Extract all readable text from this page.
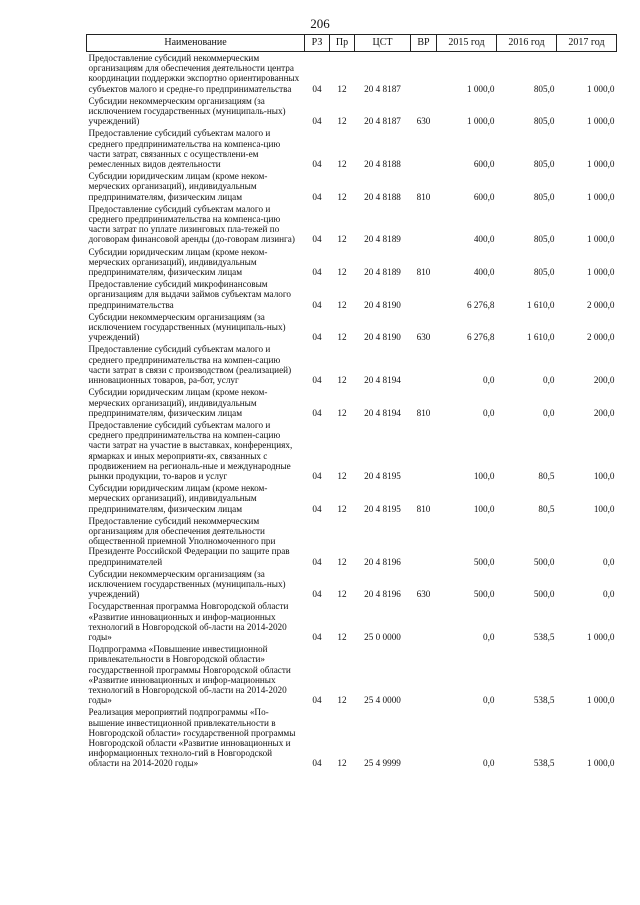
206
Наименование	РЗ	Пр	ЦСТ	ВР	2015 год	2016 год	2017 год
Предоставление субсидий некоммерческим организациям для обеспечения деятельности центра координации поддержки экспортно ориентированных субъектов малого и средне-го предпринимательства	04	12	20 4 8187		1 000,0	805,0	1 000,0
Субсидии некоммерческим организациям (за исключением государственных (муниципаль-ных) учреждений)	04	12	20 4 8187	630	1 000,0	805,0	1 000,0
Предоставление субсидий субъектам малого и среднего предпринимательства на компенса-цию части затрат, связанных с осуществлени-ем ремесленных видов деятельности	04	12	20 4 8188		600,0	805,0	1 000,0
Субсидии юридическим лицам (кроме неком-мерческих организаций), индивидуальным предпринимателям, физическим лицам	04	12	20 4 8188	810	600,0	805,0	1 000,0
Предоставление субсидий субъектам малого и среднего предпринимательства на компенса-цию части затрат по уплате лизинговых пла-тежей по договорам финансовой аренды (до-говорам лизинга)	04	12	20 4 8189		400,0	805,0	1 000,0
Субсидии юридическим лицам (кроме неком-мерческих организаций), индивидуальным предпринимателям, физическим лицам	04	12	20 4 8189	810	400,0	805,0	1 000,0
Предоставление субсидий микрофинансовым организациям для выдачи займов субъектам малого предпринимательства	04	12	20 4 8190		6 276,8	1 610,0	2 000,0
Субсидии некоммерческим организациям (за исключением государственных (муниципаль-ных) учреждений)	04	12	20 4 8190	630	6 276,8	1 610,0	2 000,0
Предоставление субсидий субъектам малого и среднего предпринимательства на компен-сацию части затрат в связи с производством (реализацией) инновационных товаров, ра-бот, услуг	04	12	20 4 8194		0,0	0,0	200,0
Субсидии юридическим лицам (кроме неком-мерческих организаций), индивидуальным предпринимателям, физическим лицам	04	12	20 4 8194	810	0,0	0,0	200,0
Предоставление субсидий субъектам малого и среднего предпринимательства на компен-сацию части затрат на участие в выставках, конференциях, ярмарках и иных мероприяти-ях, связанных с продвижением на региональ-ные и международные рынки продукции, то-варов и услуг	04	12	20 4 8195		100,0	80,5	100,0
Субсидии юридическим лицам (кроме неком-мерческих организаций), индивидуальным предпринимателям, физическим лицам	04	12	20 4 8195	810	100,0	80,5	100,0
Предоставление субсидий некоммерческим организациям для обеспечения деятельности общественной приемной Уполномоченного при Президенте Российской Федерации по защите прав предпринимателей	04	12	20 4 8196		500,0	500,0	0,0
Субсидии некоммерческим организациям (за исключением государственных (муниципаль-ных) учреждений)	04	12	20 4 8196	630	500,0	500,0	0,0
Государственная программа Новгородской области «Развитие инновационных и инфор-мационных технологий в Новгородской об-ласти на 2014-2020 годы»	04	12	25 0 0000		0,0	538,5	1 000,0
Подпрограмма «Повышение инвестиционной привлекательности в Новгородской области» государственной программы Новгородской области «Развитие инновационных и инфор-мационных технологий в Новгородской об-ласти на 2014-2020 годы»	04	12	25 4 0000		0,0	538,5	1 000,0
Реализация мероприятий подпрограммы «По-вышение инвестиционной привлекательности в Новгородской области» государственной программы Новгородской области «Развитие инновационных и информационных техноло-гий в Новгородской области на 2014-2020 годы»	04	12	25 4 9999		0,0	538,5	1 000,0
